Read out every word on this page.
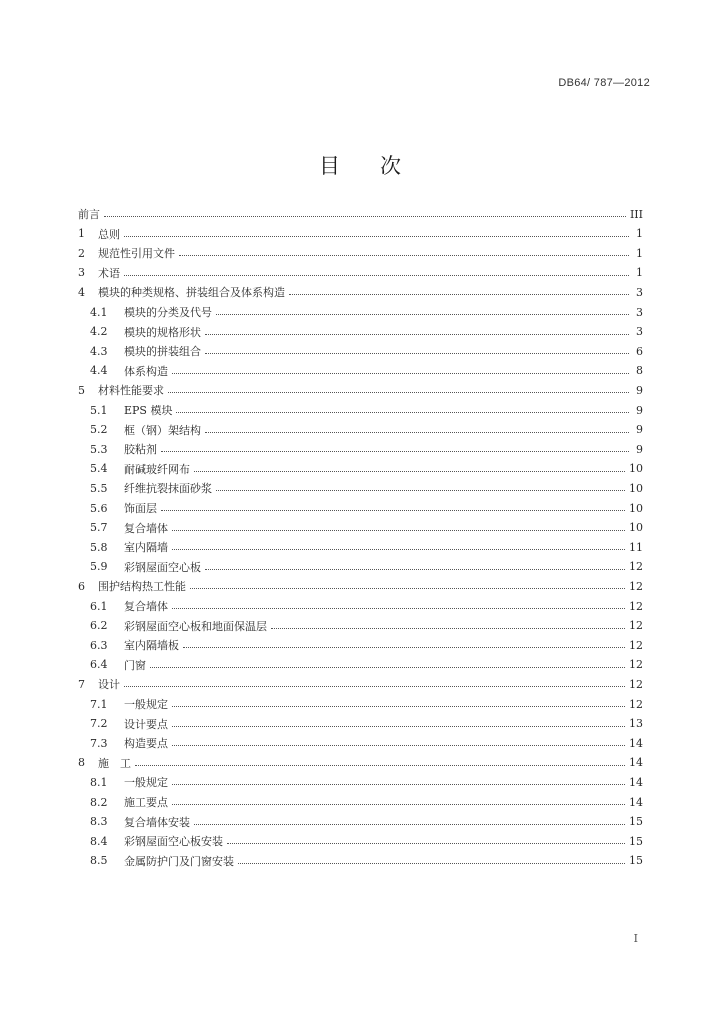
DB64/ 787—2012
目 次
前言	III
1	总则	1
2	规范性引用文件	1
3	术语	1
4	模块的种类规格、拼装组合及体系构造	3
4.1	模块的分类及代号	3
4.2	模块的规格形状	3
4.3	模块的拼装组合	6
4.4	体系构造	8
5	材料性能要求	9
5.1	EPS 模块	9
5.2	框（钢）架结构	9
5.3	胶粘剂	9
5.4	耐碱玻纤网布	10
5.5	纤维抗裂抹面砂浆	10
5.6	饰面层	10
5.7	复合墙体	10
5.8	室内隔墙	11
5.9	彩钢屋面空心板	12
6	围护结构热工性能	12
6.1	复合墙体	12
6.2	彩钢屋面空心板和地面保温层	12
6.3	室内隔墙板	12
6.4	门窗	12
7	设计	12
7.1	一般规定	12
7.2	设计要点	13
7.3	构造要点	14
8	施　工	14
8.1	一般规定	14
8.2	施工要点	14
8.3	复合墙体安装	15
8.4	彩钢屋面空心板安装	15
8.5	金属防护门及门窗安装	15
I
